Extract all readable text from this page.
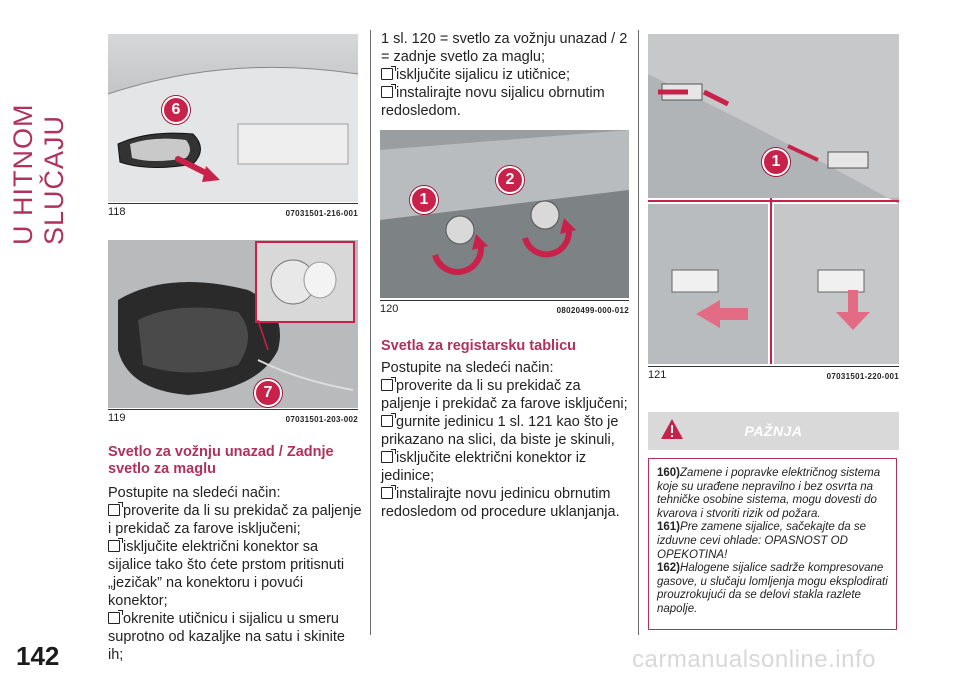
U HITNOM SLUČAJU
142	carmanualsonline.info
6
118	07031501-216-001
7
119	07031501-203-002
Svetlo za vožnju unazad / Zadnje svetlo za maglu

Postupite na sledeći način:

proverite da li su prekidač za paljenje i prekidač za farove isključeni;

isključite električni konektor sa sijalice tako što ćete prstom pritisnuti „jezičak” na konektoru i povući konektor;

okrenite utičnicu i sijalicu u smeru suprotno od kazaljke na satu i skinite ih;

1 sl. 120 = svetlo za vožnju unazad / 2 = zadnje svetlo za maglu;

isključite sijalicu iz utičnice;

instalirajte novu sijalicu obrnutim redosledom.

1
2
120	08020499-000-012
Svetla za registarsku tablicu

Postupite na sledeći način:

proverite da li su prekidač za paljenje i prekidač za farove isključeni;

gurnite jedinicu 1 sl. 121 kao što je prikazano na slici, da biste je skinuli,

isključite električni konektor iz jedinice;

instalirajte novu jedinicu obrnutim redosledom od procedure uklanjanja.

1
121	07031501-220-001
PAŽNJA
160)Zamene i popravke električnog sistema koje su urađene nepravilno i bez osvrta na tehničke osobine sistema, mogu dovesti do kvarova i stvoriti rizik od požara.
161)Pre zamene sijalice, sačekajte da se izduvne cevi ohlade: OPASNOST OD OPEKOTINA!
162)Halogene sijalice sadrže kompresovane gasove, u slučaju lomljenja mogu eksplodirati prouzrokujući da se delovi stakla razlete napolje.
